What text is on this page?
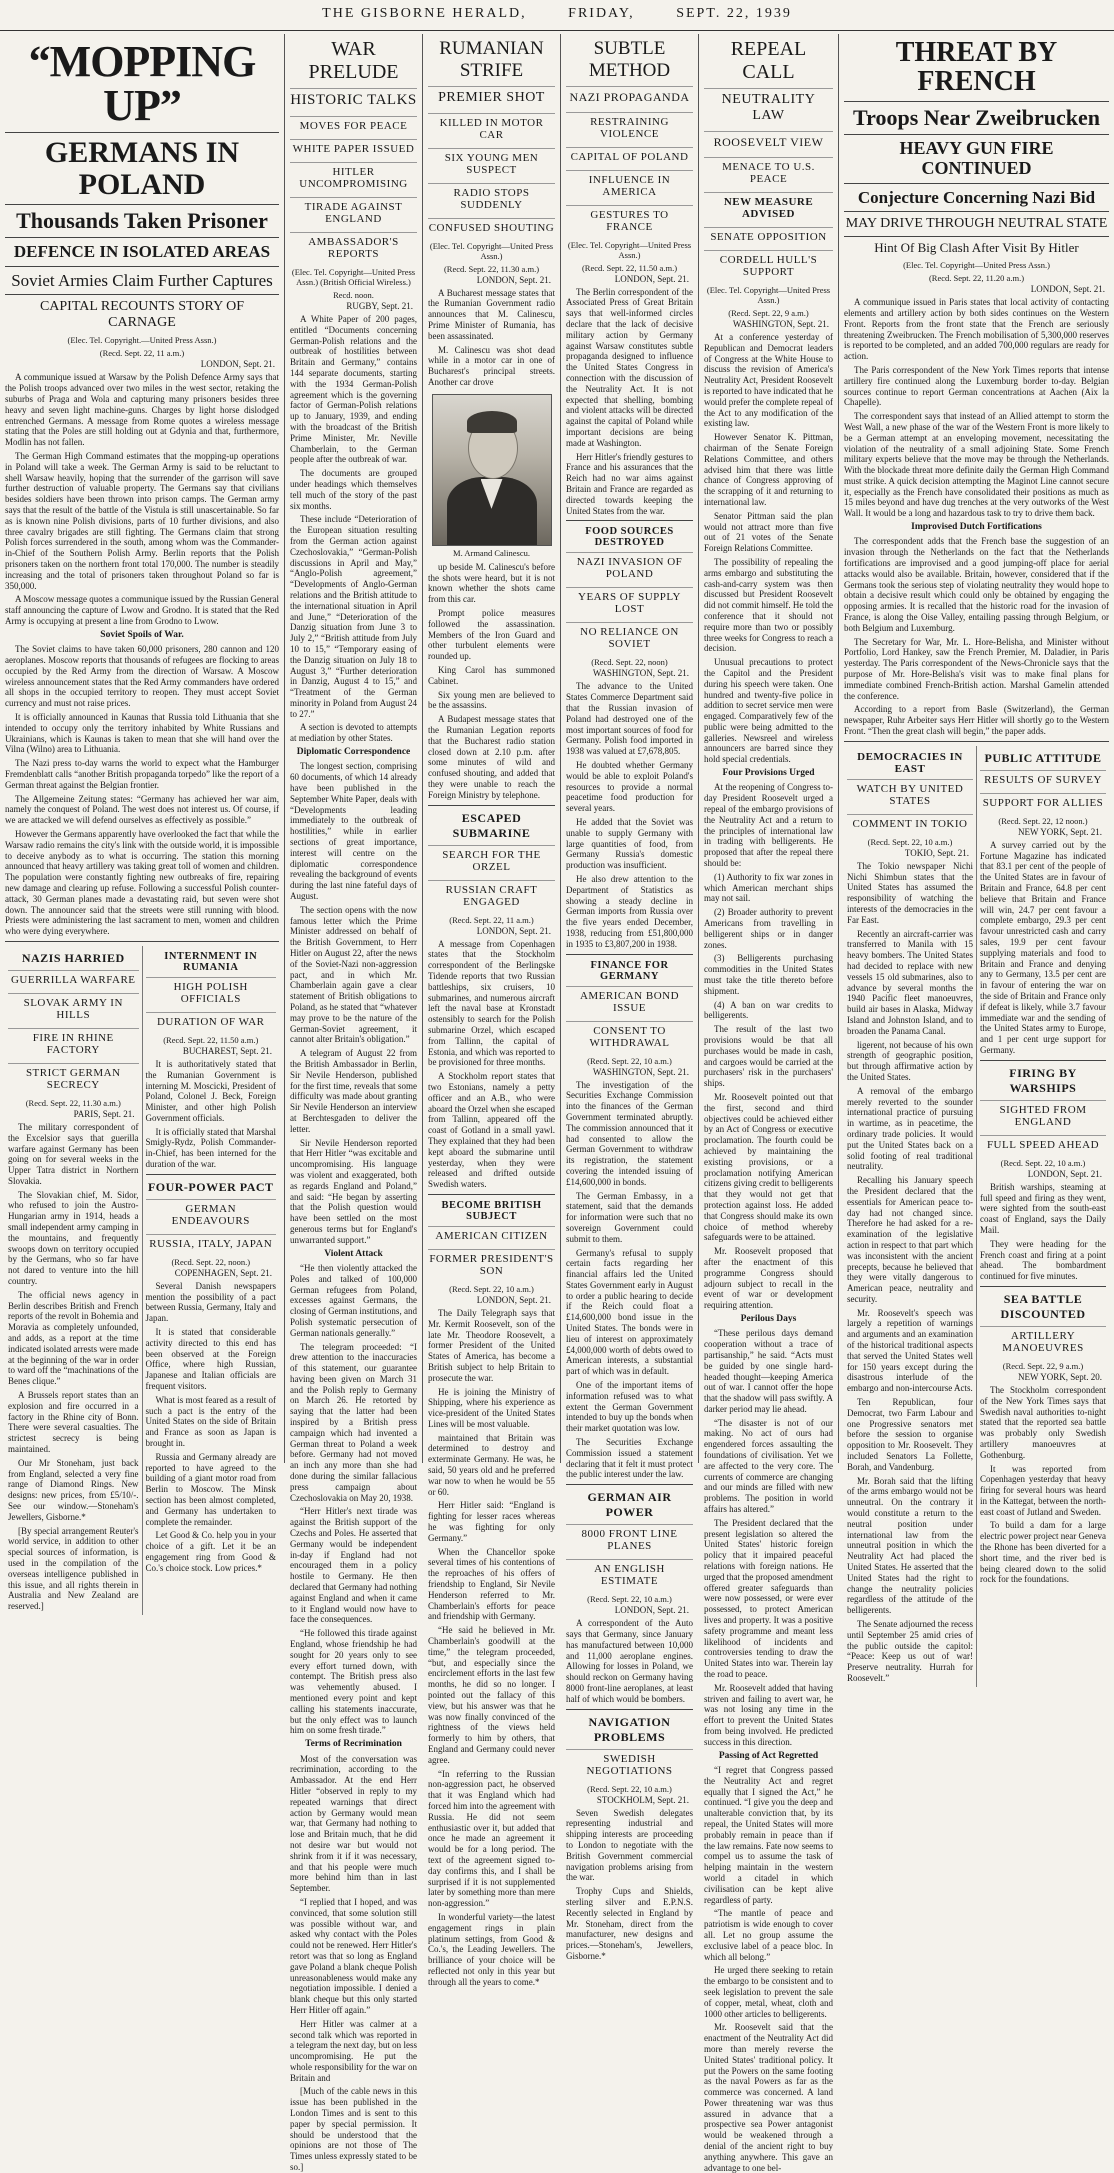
THE GISBORNE HERALD,	FRIDAY,	SEPT. 22, 1939
“MOPPING UP”
GERMANS IN POLAND
Thousands Taken Prisoner
DEFENCE IN ISOLATED AREAS
Soviet Armies Claim Further Captures
CAPITAL RECOUNTS STORY OF CARNAGE
(Elec. Tel. Copyright.—United Press Assn.)
(Recd. Sept. 22, 11 a.m.)
LONDON, Sept. 21.

A communique issued at Warsaw by the Polish Defence Army says that the Polish troops advanced over two miles in the west sector, retaking the suburbs of Praga and Wola and capturing many prisoners besides three heavy and seven light machine-guns. Charges by light horse dislodged entrenched Germans. A message from Rome quotes a wireless message stating that the Poles are still holding out at Gdynia and that, furthermore, Modlin has not fallen.

The German High Command estimates that the mopping-up operations in Poland will take a week. The German Army is said to be reluctant to shell Warsaw heavily, hoping that the surrender of the garrison will save further destruction of valuable property. The Germans say that civilians besides soldiers have been thrown into prison camps. The German army says that the result of the battle of the Vistula is still unascertainable. So far as is known nine Polish divisions, parts of 10 further divisions, and also three cavalry brigades are still fighting. The Germans claim that strong Polish forces surrendered in the south, among whom was the Commander-in-Chief of the Southern Polish Army. Berlin reports that the Polish prisoners taken on the northern front total 170,000. The number is steadily increasing and the total of prisoners taken throughout Poland so far is 350,000.

A Moscow message quotes a communique issued by the Russian General staff announcing the capture of Lwow and Grodno. It is stated that the Red Army is occupying at present a line from Grodno to Lwow.

Soviet Spoils of War.

The Soviet claims to have taken 60,000 prisoners, 280 cannon and 120 aeroplanes. Moscow reports that thousands of refugees are flocking to areas occupied by the Red Army from the direction of Warsaw. A Moscow wireless announcement states that the Red Army commanders have ordered all shops in the occupied territory to reopen. They must accept Soviet currency and must not raise prices.

It is officially announced in Kaunas that Russia told Lithuania that she intended to occupy only the territory inhabited by White Russians and Ukrainians, which is Kaunas is taken to mean that she will hand over the Vilna (Wilno) area to Lithuania.

The Nazi press to-day warns the world to expect what the Hamburger Fremdenblatt calls “another British propaganda torpedo” like the report of a German threat against the Belgian frontier.

The Allgemeine Zeitung states: “Germany has achieved her war aim, namely the conquest of Poland. The west does not interest us. Of course, if we are attacked we will defend ourselves as effectively as possible.”

However the Germans apparently have overlooked the fact that while the Warsaw radio remains the city's link with the outside world, it is impossible to deceive anybody as to what is occurring. The station this morning announced that heavy artillery was taking great toll of women and children. The population were constantly fighting new outbreaks of fire, repairing new damage and clearing up refuse. Following a successful Polish counter-attack, 30 German planes made a devastating raid, but seven were shot down. The announcer said that the streets were still running with blood. Priests were administering the last sacrament to men, women and children who were dying everywhere.

NAZIS HARRIED
GUERRILLA WARFARE
SLOVAK ARMY IN HILLS
FIRE IN RHINE FACTORY
STRICT GERMAN SECRECY
(Recd. Sept. 22, 11.30 a.m.)
PARIS, Sept. 21.

The military correspondent of the Excelsior says that guerilla warfare against Germany has been going on for several weeks in the Upper Tatra district in Northern Slovakia.

The Slovakian chief, M. Sidor, who refused to join the Austro-Hungarian army in 1914, heads a small independent army camping in the mountains, and frequently swoops down on territory occupied by the Germans, who so far have not dared to venture into the hill country.

The official news agency in Berlin describes British and French reports of the revolt in Bohemia and Moravia as completely unfounded, and adds, as a report at the time indicated isolated arrests were made at the beginning of the war in order to ward off the “machinations of the Benes clique.”

A Brussels report states than an explosion and fire occurred in a factory in the Rhine city of Bonn. There were several casualties. The strictest secrecy is being maintained.

Our Mr Stoneham, just back from England, selected a very fine range of Diamond Rings. New designs: new prices, from £5/10/-. See our window.—Stoneham's Jewellers, Gisborne.*

[By special arrangement Reuter's world service, in addition to other special sources of information, is used in the compilation of the overseas intelligence published in this issue, and all rights therein in Australia and New Zealand are reserved.]

INTERNMENT IN RUMANIA
HIGH POLISH OFFICIALS
DURATION OF WAR
(Recd. Sept. 22, 11.50 a.m.)
BUCHAREST, Sept. 21.

It is authoritatively stated that the Rumanian Government is interning M. Moscicki, President of Poland, Colonel J. Beck, Foreign Minister, and other high Polish Government officials.

It is officially stated that Marshal Smigly-Rydz, Polish Commander-in-Chief, has been interned for the duration of the war.

FOUR-POWER PACT
GERMAN ENDEAVOURS
RUSSIA, ITALY, JAPAN
(Recd. Sept. 22, noon.)
COPENHAGEN, Sept. 21.

Several Danish newspapers mention the possibility of a pact between Russia, Germany, Italy and Japan.

It is stated that considerable activity directed to this end has been observed at the Foreign Office, where high Russian, Japanese and Italian officials are frequent visitors.

What is most feared as a result of such a pact is the entry of the United States on the side of Britain and France as soon as Japan is brought in.

Russia and Germany already are reported to have agreed to the building of a giant motor road from Berlin to Moscow. The Minsk section has been almost completed, and Germany has undertaken to complete the remainder.

Let Good & Co. help you in your choice of a gift. Let it be an engagement ring from Good & Co.'s choice stock. Low prices.*

WAR PRELUDE
HISTORIC TALKS
MOVES FOR PEACE
WHITE PAPER ISSUED
HITLER UNCOMPROMISING
TIRADE AGAINST ENGLAND
AMBASSADOR'S REPORTS
(Elec. Tel. Copyright—United Press Assn.) (British Official Wireless.)
Recd. noon.
RUGBY, Sept. 21.

A White Paper of 200 pages, entitled “Documents concerning German-Polish relations and the outbreak of hostilities between Britain and Germany,” contains 144 separate documents, starting with the 1934 German-Polish agreement which is the governing factor of German-Polish relations up to January, 1939, and ending with the broadcast of the British Prime Minister, Mr. Neville Chamberlain, to the German people after the outbreak of war.

The documents are grouped under headings which themselves tell much of the story of the past six months.

These include “Deterioration of the European situation resulting from the German action against Czechoslovakia,” “German-Polish discussions in April and May,” “Anglo-Polish agreement,” “Developments of Anglo-German relations and the British attitude to the international situation in April and June,” “Deterioration of the Danzig situation from June 3 to July 2,” “British attitude from July 10 to 15,” “Temporary easing of the Danzig situation on July 18 to August 3,” “Further deterioration in Danzig, August 4 to 15,” and “Treatment of the German minority in Poland from August 24 to 27.”

A section is devoted to attempts at mediation by other States.

Diplomatic Correspondence

The longest section, comprising 60 documents, of which 14 already have been published in the September White Paper, deals with “Developments leading immediately to the outbreak of hostilities,” while in earlier sections of great importance, interest will centre on the diplomatic correspondence revealing the background of events during the last nine fateful days of August.

The section opens with the now famous letter which the Prime Minister addressed on behalf of the British Government, to Herr Hitler on August 22, after the news of the Soviet-Nazi non-aggression pact, and in which Mr. Chamberlain again gave a clear statement of British obligations to Poland, as he stated that “whatever may prove to be the nature of the German-Soviet agreement, it cannot alter Britain's obligation.”

A telegram of August 22 from the British Ambassador in Berlin, Sir Nevile Henderson, published for the first time, reveals that some difficulty was made about granting Sir Nevile Henderson an interview at Berchtesgaden to deliver the letter.

Sir Nevile Henderson reported that Herr Hitler “was excitable and uncompromising. His language was violent and exaggerated, both as regards England and Poland,” and said: “He began by asserting that the Polish question would have been settled on the most generous terms but for England's unwarranted support.”

Violent Attack

“He then violently attacked the Poles and talked of 100,000 German refugees from Poland, excesses against Germans, the closing of German institutions, and Polish systematic persecution of German nationals generally.”

The telegram proceeded: “I drew attention to the inaccuracies of this statement, our guarantee having been given on March 31 and the Polish reply to Germany on March 26. He retorted by saying that the latter had been inspired by a British press campaign which had invented a German threat to Poland a week before. Germany had not moved an inch any more than she had done during the similar fallacious press campaign about Czechoslovakia on May 20, 1938.

“Herr Hitler's next tirade was against the British support of the Czechs and Poles. He asserted that Germany would be independent in-day if England had not encouraged them in a policy hostile to Germany. He then declared that Germany had nothing against England and when it came to it England would now have to face the consequences.

“He followed this tirade against England, whose friendship he had sought for 20 years only to see every effort turned down, with contempt. The British press also was vehemently abused. I mentioned every point and kept calling his statements inaccurate, but the only effect was to launch him on some fresh tirade.”

Terms of Recrimination

Most of the conversation was recrimination, according to the Ambassador. At the end Herr Hitler “observed in reply to my repeated warnings that direct action by Germany would mean war, that Germany had nothing to lose and Britain much, that he did not desire war but would not shrink from it if it was necessary, and that his people were much more behind him than in last September.

“I replied that I hoped, and was convinced, that some solution still was possible without war, and asked why contact with the Poles could not be renewed. Herr Hitler's retort was that so long as England gave Poland a blank cheque Polish unreasonableness would make any negotiation impossible. I denied a blank cheque but this only started Herr Hitler off again.”

Herr Hitler was calmer at a second talk which was reported in a telegram the next day, but on less uncompromising. He put the whole responsibility for the war on Britain and

[Much of the cable news in this issue has been published in the London Times and is sent to this paper by special permission. It should be understood that the opinions are not those of The Times unless expressly stated to be so.]

RUMANIAN STRIFE
PREMIER SHOT
KILLED IN MOTOR CAR
SIX YOUNG MEN SUSPECT
RADIO STOPS SUDDENLY
CONFUSED SHOUTING
(Elec. Tel. Copyright—United Press Assn.)
(Recd. Sept. 22, 11.30 a.m.)
LONDON, Sept. 21.

A Bucharest message states that the Rumanian Government radio announces that M. Calinescu, Prime Minister of Rumania, has been assassinated.

M. Calinescu was shot dead while in a motor car in one of Bucharest's principal streets. Another car drove

M. Armand Calinescu.

up beside M. Calinescu's before the shots were heard, but it is not known whether the shots came from this car.

Prompt police measures followed the assassination. Members of the Iron Guard and other turbulent elements were rounded up.

King Carol has summoned Cabinet.

Six young men are believed to be the assassins.

A Budapest message states that the Rumanian Legation reports that the Bucharest radio station closed down at 2.10 p.m. after some minutes of wild and confused shouting, and added that they were unable to reach the Foreign Ministry by telephone.

ESCAPED SUBMARINE
SEARCH FOR THE ORZEL
RUSSIAN CRAFT ENGAGED
(Recd. Sept. 22, 11 a.m.)
LONDON, Sept. 21.

A message from Copenhagen states that the Stockholm correspondent of the Berlingske Tidende reports that two Russian battleships, six cruisers, 10 submarines, and numerous aircraft left the naval base at Kronstadt ostensibly to search for the Polish submarine Orzel, which escaped from Tallinn, the capital of Estonia, and which was reported to be provisioned for three months.

A Stockholm report states that two Estonians, namely a petty officer and an A.B., who were aboard the Orzel when she escaped from Tallinn, appeared off the coast of Gotland in a small yawl. They explained that they had been kept aboard the submarine until yesterday, when they were released and drifted outside Swedish waters.

BECOME BRITISH SUBJECT
AMERICAN CITIZEN
FORMER PRESIDENT'S SON
(Recd. Sept. 22, 10 a.m.)
LONDON, Sept. 21.

The Daily Telegraph says that Mr. Kermit Roosevelt, son of the late Mr. Theodore Roosevelt, a former President of the United States of America, has become a British subject to help Britain to prosecute the war.

He is joining the Ministry of Shipping, where his experience as vice-president of the United States Lines will be most valuable.

maintained that Britain was determined to destroy and exterminate Germany. He was, he said, 50 years old and he preferred war now to when he would be 55 or 60.

Herr Hitler said: “England is fighting for lesser races whereas he was fighting for only Germany.”

When the Chancellor spoke several times of his contentions of the reproaches of his offers of friendship to England, Sir Nevile Henderson referred to Mr. Chamberlain's efforts for peace and friendship with Germany.

“He said he believed in Mr. Chamberlain's goodwill at the time,” the telegram proceeded, “but, and especially since the encirclement efforts in the last few months, he did so no longer. I pointed out the fallacy of this view, but his answer was that he was now finally convinced of the rightness of the views held formerly to him by others, that England and Germany could never agree.

“In referring to the Russian non-aggression pact, he observed that it was England which had forced him into the agreement with Russia. He did not seem enthusiastic over it, but added that once he made an agreement it would be for a long period. The text of the agreement signed to-day confirms this, and I shall be surprised if it is not supplemented later by something more than mere non-aggression.”

In wonderful variety—the latest engagement rings in plain platinum settings, from Good & Co.'s, the Leading Jewellers. The brilliance of your choice will be reflected not only in this year but through all the years to come.*

SUBTLE METHOD
NAZI PROPAGANDA
RESTRAINING VIOLENCE
CAPITAL OF POLAND
INFLUENCE IN AMERICA
GESTURES TO FRANCE
(Elec. Tel. Copyright—United Press Assn.)
(Recd. Sept. 22, 11.50 a.m.)
LONDON, Sept. 21.

The Berlin correspondent of the Associated Press of Great Britain says that well-informed circles declare that the lack of decisive military action by Germany against Warsaw constitutes subtle propaganda designed to influence the United States Congress in connection with the discussion of the Neutrality Act. It is not expected that shelling, bombing and violent attacks will be directed against the capital of Poland while important decisions are being made at Washington.

Herr Hitler's friendly gestures to France and his assurances that the Reich had no war aims against Britain and France are regarded as directed towards keeping the United States from the war.

FOOD SOURCES DESTROYED
NAZI INVASION OF POLAND
YEARS OF SUPPLY LOST
NO RELIANCE ON SOVIET
(Recd. Sept. 22, noon)
WASHINGTON, Sept. 21.

The advance to the United States Commerce Department said that the Russian invasion of Poland had destroyed one of the most important sources of food for Germany. Polish food imported in 1938 was valued at £7,678,805.

He doubted whether Germany would be able to exploit Poland's resources to provide a normal peacetime food production for several years.

He added that the Soviet was unable to supply Germany with large quantities of food, from Germany Russia's domestic production was insufficient.

He also drew attention to the Department of Statistics as showing a steady decline in German imports from Russia over the five years ended December, 1938, reducing from £51,800,000 in 1935 to £3,807,200 in 1938.

FINANCE FOR GERMANY
AMERICAN BOND ISSUE
CONSENT TO WITHDRAWAL
(Recd. Sept. 22, 10 a.m.)
WASHINGTON, Sept. 21.

The investigation of the Securities Exchange Commission into the finances of the German Government terminated abruptly. The commission announced that it had consented to allow the German Government to withdraw its registration, the statement covering the intended issuing of £14,600,000 in bonds.

The German Embassy, in a statement, said that the demands for information were such that no sovereign Government could submit to them.

Germany's refusal to supply certain facts regarding her financial affairs led the United States Government early in August to order a public hearing to decide if the Reich could float a £14,600,000 bond issue in the United States. The bonds were in lieu of interest on approximately £4,000,000 worth of debts owed to American interests, a substantial part of which was in default.

One of the important items of information refused was to what extent the German Government intended to buy up the bonds when their market quotation was low.

The Securities Exchange Commission issued a statement declaring that it felt it must protect the public interest under the law.

GERMAN AIR POWER
8000 FRONT LINE PLANES
AN ENGLISH ESTIMATE
(Recd. Sept. 22, 10 a.m.)
LONDON, Sept. 21.

A correspondent of the Auto says that Germany, since January has manufactured between 10,000 and 11,000 aeroplane engines. Allowing for losses in Poland, we should reckon on Germany having 8000 front-line aeroplanes, at least half of which would be bombers.

NAVIGATION PROBLEMS
SWEDISH NEGOTIATIONS
(Recd. Sept. 22, 10 a.m.)
STOCKHOLM, Sept. 21.

Seven Swedish delegates representing industrial and shipping interests are proceeding to London to negotiate with the British Government commercial navigation problems arising from the war.

Trophy Cups and Shields, sterling silver and E.P.N.S. Recently selected in England by Mr. Stoneham, direct from the manufacturer, new designs and prices.—Stoneham's, Jewellers, Gisborne.*

REPEAL CALL
NEUTRALITY LAW
ROOSEVELT VIEW
MENACE TO U.S. PEACE
NEW MEASURE ADVISED
SENATE OPPOSITION
CORDELL HULL'S SUPPORT
(Elec. Tel. Copyright—United Press Assn.)
(Recd. Sept. 22, 9 a.m.)
WASHINGTON, Sept. 21.

At a conference yesterday of Republican and Democrat leaders of Congress at the White House to discuss the revision of America's Neutrality Act, President Roosevelt is reported to have indicated that he would prefer the complete repeal of the Act to any modification of the existing law.

However Senator K. Pittman, chairman of the Senate Foreign Relations Committee, and others advised him that there was little chance of Congress approving of the scrapping of it and returning to international law.

Senator Pittman said the plan would not attract more than five out of 21 votes of the Senate Foreign Relations Committee.

The possibility of repealing the arms embargo and substituting the cash-and-carry system was then discussed but President Roosevelt did not commit himself. He told the conference that it should not require more than two or possibly three weeks for Congress to reach a decision.

Unusual precautions to protect the Capitol and the President during his speech were taken. One hundred and twenty-five police in addition to secret service men were engaged. Comparatively few of the public were being admitted to the galleries. Newsreel and wireless announcers are barred since they hold special credentials.

Four Provisions Urged

At the reopening of Congress to-day President Roosevelt urged a repeal of the embargo provisions of the Neutrality Act and a return to the principles of international law in trading with belligerents. He proposed that after the repeal there should be:

(1) Authority to fix war zones in which American merchant ships may not sail.

(2) Broader authority to prevent Americans from travelling in belligerent ships or in danger zones.

(3) Belligerents purchasing commodities in the United States must take the title thereto before shipment.

(4) A ban on war credits to belligerents.

The result of the last two provisions would be that all purchases would be made in cash, and cargoes would be carried at the purchasers' risk in the purchasers' ships.

Mr. Roosevelt pointed out that the first, second and third objectives could be achieved either by an Act of Congress or executive proclamation. The fourth could be achieved by maintaining the existing provisions, or a proclamation notifying American citizens giving credit to belligerents that they would not get that protection against loss. He added that Congress should make its own choice of method whereby safeguards were to be attained.

Mr. Roosevelt proposed that after the enactment of this programme Congress should adjourn subject to recall in the event of war or development requiring attention.

Perilous Days

“These perilous days demand cooperation without a trace of partisanship,” he said. “Acts must be guided by one single hard-headed thought—keeping America out of war. I cannot offer the hope that the shadow will pass swiftly. A darker period may lie ahead.

“The disaster is not of our making. No act of ours had engendered forces assaulting the foundations of civilisation. Yet we are affected to the very core. The currents of commerce are changing and our minds are filled with new problems. The position in world affairs has altered.”

The President declared that the present legislation so altered the United States' historic foreign policy that it impaired peaceful relations with foreign nations. He urged that the proposed amendment offered greater safeguards than were now possessed, or were ever possessed, to protect American lives and property. It was a positive safety programme and meant less likelihood of incidents and controversies tending to draw the United States into war. Therein lay the road to peace.

Mr. Roosevelt added that having striven and failing to avert war, he was not losing any time in the effort to prevent the United States from being involved. He predicted success in this direction.

Passing of Act Regretted

“I regret that Congress passed the Neutrality Act and regret equally that I signed the Act,” he continued. “I give you the deep and unalterable conviction that, by its repeal, the United States will more probably remain in peace than if the law remains. Fate now seems to compel us to assume the task of helping maintain in the western world a citadel in which civilisation can be kept alive regardless of party.

“The mantle of peace and patriotism is wide enough to cover all. Let no group assume the exclusive label of a peace bloc. In which all belong.”

He urged there seeking to retain the embargo to be consistent and to seek legislation to prevent the sale of copper, metal, wheat, cloth and 1000 other articles to belligerents.

Mr. Roosevelt said that the enactment of the Neutrality Act did more than merely reverse the United States' traditional policy. It put the Powers on the same footing as the naval Powers as far as the commerce was concerned. A land Power threatening war was thus assured in advance that a prospective sea Power antagonist would be weakened through a denial of the ancient right to buy anything anywhere. This gave an advantage to one bel-

THREAT BY FRENCH
Troops Near Zweibrucken
HEAVY GUN FIRE CONTINUED
Conjecture Concerning Nazi Bid
MAY DRIVE THROUGH NEUTRAL STATE
Hint Of Big Clash After Visit By Hitler
(Elec. Tel. Copyright—United Press Assn.)
(Recd. Sept. 22, 11.20 a.m.)
LONDON, Sept. 21.

A communique issued in Paris states that local activity of contacting elements and artillery action by both sides continues on the Western Front. Reports from the front state that the French are seriously threatening Zweibrucken. The French mobilisation of 5,300,000 reserves is reported to be completed, and an added 700,000 regulars are ready for action.

The Paris correspondent of the New York Times reports that intense artillery fire continued along the Luxemburg border to-day. Belgian sources continue to report German concentrations at Aachen (Aix la Chapelle).

The correspondent says that instead of an Allied attempt to storm the West Wall, a new phase of the war of the Western Front is more likely to be a German attempt at an enveloping movement, necessitating the violation of the neutrality of a small adjoining State. Some French military experts believe that the move may be through the Netherlands. With the blockade threat more definite daily the German High Command must strike. A quick decision attempting the Maginot Line cannot secure it, especially as the French have consolidated their positions as much as 15 miles beyond and have dug trenches at the very outworks of the West Wall. It would be a long and hazardous task to try to drive them back.

Improvised Dutch Fortifications

The correspondent adds that the French base the suggestion of an invasion through the Netherlands on the fact that the Netherlands fortifications are improvised and a good jumping-off place for aerial attacks would also be available. Britain, however, considered that if the Germans took the serious step of violating neutrality they would hope to obtain a decisive result which could only be obtained by engaging the opposing armies. It is recalled that the historic road for the invasion of France, is along the Oise Valley, entailing passing through Belgium, or both Belgium and Luxemburg.

The Secretary for War, Mr. L. Hore-Belisha, and Minister without Portfolio, Lord Hankey, saw the French Premier, M. Daladier, in Paris yesterday. The Paris correspondent of the News-Chronicle says that the purpose of Mr. Hore-Belisha's visit was to make final plans for immediate combined French-British action. Marshal Gamelin attended the conference.

According to a report from Basle (Switzerland), the German newspaper, Ruhr Arbeiter says Herr Hitler will shortly go to the Western Front. “Then the great clash will begin,” the paper adds.

DEMOCRACIES IN EAST
WATCH BY UNITED STATES
COMMENT IN TOKIO
(Recd. Sept. 22, 10 a.m.)
TOKIO, Sept. 21.

The Tokio newspaper Nichi Nichi Shimbun states that the United States has assumed the responsibility of watching the interests of the democracies in the Far East.

Recently an aircraft-carrier was transferred to Manila with 15 heavy bombers. The United States had decided to replace with new vessels 15 old submarines, also to advance by several months the 1940 Pacific fleet manoeuvres, build air bases in Alaska, Midway Island and Johnston Island, and to broaden the Panama Canal.

ligerent, not because of his own strength of geographic position, but through affirmative action by the United States.

A removal of the embargo merely reverted to the sounder international practice of pursuing in wartime, as in peacetime, the ordinary trade policies. It would put the United States back on a solid footing of real traditional neutrality.

Recalling his January speech the President declared that the essentials for American peace to-day had not changed since. Therefore he had asked for a re-examination of the legislative action in respect to that part which was inconsistent with the ancient precepts, because he believed that they were vitally dangerous to American peace, neutrality and security.

Mr. Roosevelt's speech was largely a repetition of warnings and arguments and an examination of the historical traditional aspects that served the United States well for 150 years except during the disastrous interlude of the embargo and non-intercourse Acts.

Ten Republican, four Democrat, two Farm Labour and one Progressive senators met before the session to organise opposition to Mr. Roosevelt. They included Senators La Follette, Borah, and Vandenburg.

Mr. Borah said that the lifting of the arms embargo would not be unneutral. On the contrary it would constitute a return to the neutral position under international law from the unneutral position in which the Neutrality Act had placed the United States. He asserted that the United States had the right to change the neutrality policies regardless of the attitude of the belligerents.

The Senate adjourned the recess until September 25 amid cries of the public outside the capitol: “Peace: Keep us out of war! Preserve neutrality. Hurrah for Roosevelt.”

PUBLIC ATTITUDE
RESULTS OF SURVEY
SUPPORT FOR ALLIES
(Recd. Sept. 22, 12 noon.)
NEW YORK, Sept. 21.

A survey carried out by the Fortune Magazine has indicated that 83.1 per cent of the people of the United States are in favour of Britain and France, 64.8 per cent believe that Britain and France will win, 24.7 per cent favour a complete embargo, 29.3 per cent favour unrestricted cash and carry sales, 19.9 per cent favour supplying materials and food to Britain and France and denying any to Germany, 13.5 per cent are in favour of entering the war on the side of Britain and France only if defeat is likely, while 3.7 favour immediate war and the sending of the United States army to Europe, and 1 per cent urge support for Germany.

FIRING BY WARSHIPS
SIGHTED FROM ENGLAND
FULL SPEED AHEAD
(Recd. Sept. 22, 10 a.m.)
LONDON, Sept. 21.

British warships, steaming at full speed and firing as they went, were sighted from the south-east coast of England, says the Daily Mail.

They were heading for the French coast and firing at a point ahead. The bombardment continued for five minutes.

SEA BATTLE DISCOUNTED
ARTILLERY MANOEUVRES
(Recd. Sept. 22, 9 a.m.)
NEW YORK, Sept. 20.

The Stockholm correspondent of the New York Times says that Swedish naval authorities to-night stated that the reported sea battle was probably only Swedish artillery manoeuvres at Gothenburg.

It was reported from Copenhagen yesterday that heavy firing for several hours was heard in the Kattegat, between the north-east coast of Jutland and Sweden.

To build a dam for a large electric power project near Geneva the Rhone has been diverted for a short time, and the river bed is being cleared down to the solid rock for the foundations.
